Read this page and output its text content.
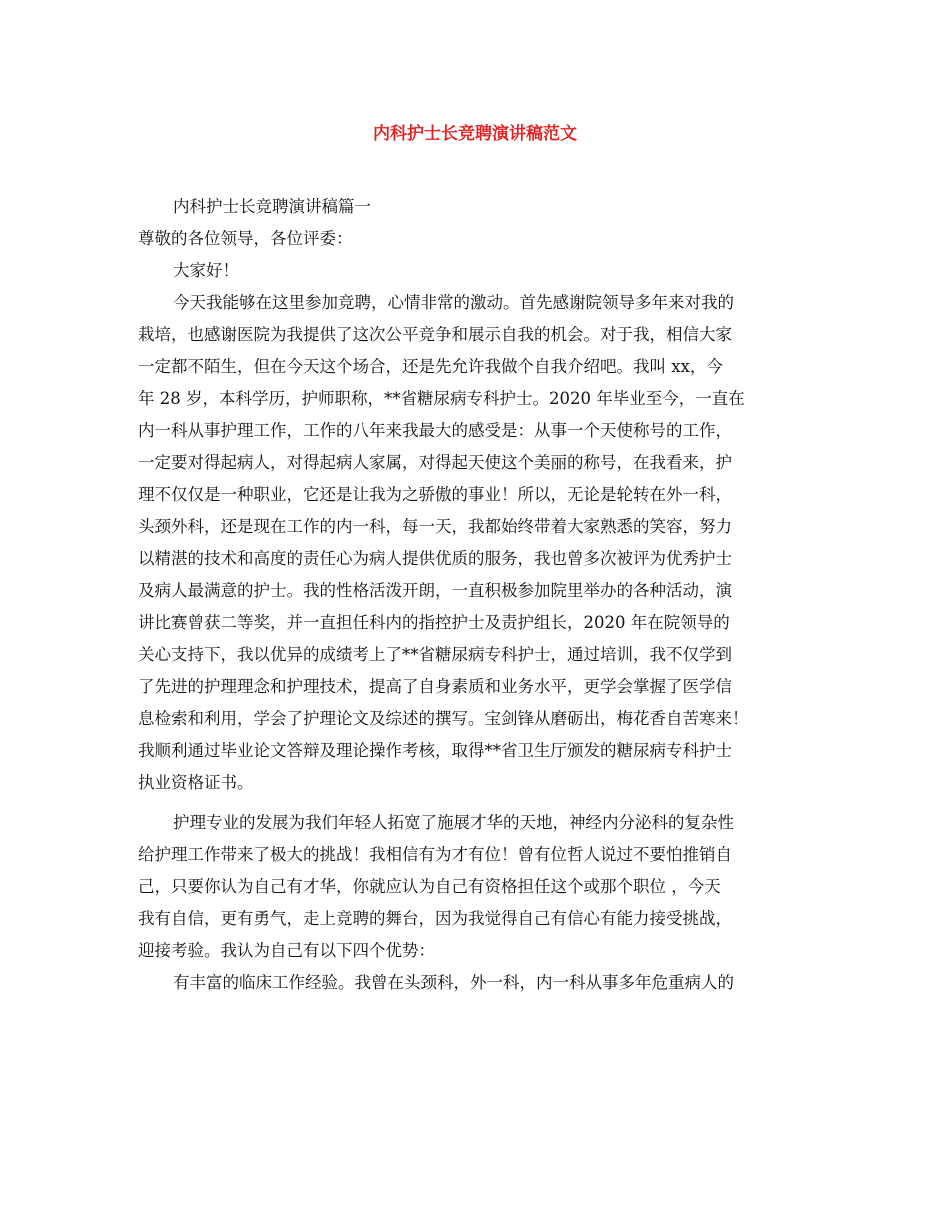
内科护士长竞聘演讲稿范文
内科护士长竞聘演讲稿篇一
尊敬的各位领导，各位评委：
大家好！
今天我能够在这里参加竞聘，心情非常的激动。首先感谢院领导多年来对我的
栽培，也感谢医院为我提供了这次公平竞争和展示自我的机会。对于我，相信大家
一定都不陌生，但在今天这个场合，还是先允许我做个自我介绍吧。我叫 xx，今
年 28 岁，本科学历，护师职称，**省糖尿病专科护士。2020 年毕业至今，一直在
内一科从事护理工作，工作的八年来我最大的感受是：从事一个天使称号的工作，
一定要对得起病人，对得起病人家属，对得起天使这个美丽的称号，在我看来，护
理不仅仅是一种职业，它还是让我为之骄傲的事业！所以，无论是轮转在外一科，
头颈外科，还是现在工作的内一科，每一天，我都始终带着大家熟悉的笑容，努力
以精湛的技术和高度的责任心为病人提供优质的服务，我也曾多次被评为优秀护士
及病人最满意的护士。我的性格活泼开朗，一直积极参加院里举办的各种活动，演
讲比赛曾获二等奖，并一直担任科内的指控护士及责护组长，2020 年在院领导的
关心支持下，我以优异的成绩考上了**省糖尿病专科护士，通过培训，我不仅学到
了先进的护理理念和护理技术，提高了自身素质和业务水平，更学会掌握了医学信
息检索和利用，学会了护理论文及综述的撰写。宝剑锋从磨砺出，梅花香自苦寒来！
我顺利通过毕业论文答辩及理论操作考核，取得**省卫生厅颁发的糖尿病专科护士
执业资格证书。
护理专业的发展为我们年轻人拓宽了施展才华的天地，神经内分泌科的复杂性
给护理工作带来了极大的挑战！我相信有为才有位！曾有位哲人说过不要怕推销自
己，只要你认为自己有才华，你就应认为自己有资格担任这个或那个职位 ，今天
我有自信，更有勇气，走上竞聘的舞台，因为我觉得自己有信心有能力接受挑战，
迎接考验。我认为自己有以下四个优势：
有丰富的临床工作经验。我曾在头颈科，外一科，内一科从事多年危重病人的
